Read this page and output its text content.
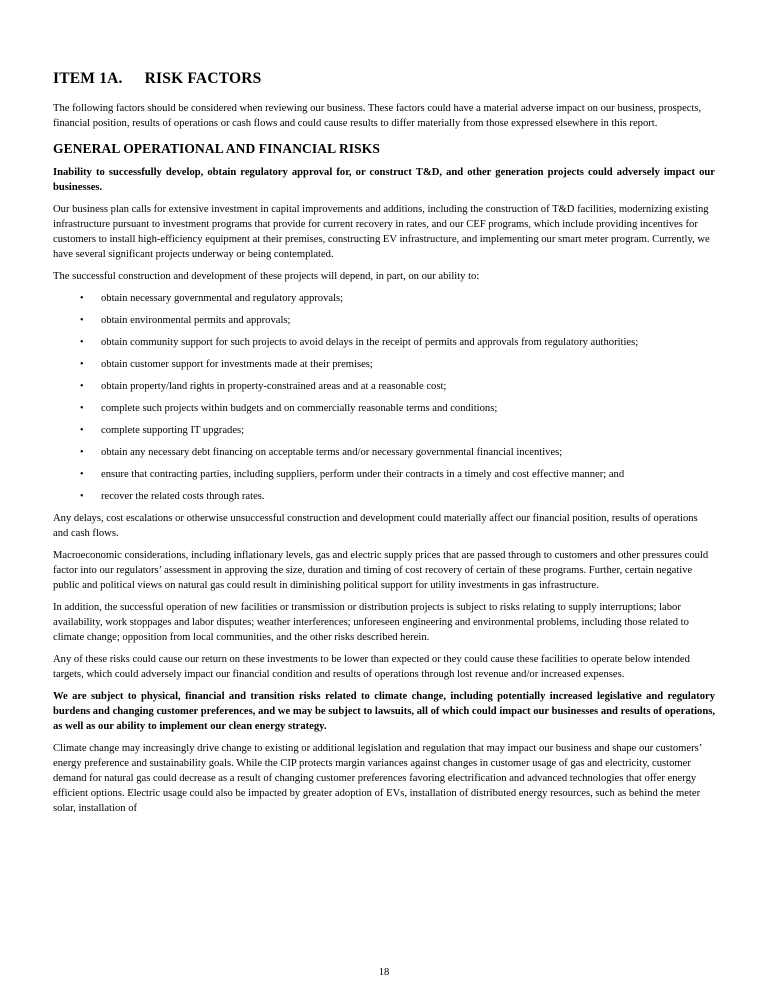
ITEM 1A. RISK FACTORS

The following factors should be considered when reviewing our business. These factors could have a material adverse impact on our business, prospects, financial position, results of operations or cash flows and could cause results to differ materially from those expressed elsewhere in this report.

GENERAL OPERATIONAL AND FINANCIAL RISKS

Inability to successfully develop, obtain regulatory approval for, or construct T&D, and other generation projects could adversely impact our businesses.

Our business plan calls for extensive investment in capital improvements and additions, including the construction of T&D facilities, modernizing existing infrastructure pursuant to investment programs that provide for current recovery in rates, and our CEF programs, which include providing incentives for customers to install high-efficiency equipment at their premises, constructing EV infrastructure, and implementing our smart meter program. Currently, we have several significant projects underway or being contemplated.

The successful construction and development of these projects will depend, in part, on our ability to:

•	obtain necessary governmental and regulatory approvals;
•	obtain environmental permits and approvals;
•	obtain community support for such projects to avoid delays in the receipt of permits and approvals from regulatory authorities;
•	obtain customer support for investments made at their premises;
•	obtain property/land rights in property-constrained areas and at a reasonable cost;
•	complete such projects within budgets and on commercially reasonable terms and conditions;
•	complete supporting IT upgrades;
•	obtain any necessary debt financing on acceptable terms and/or necessary governmental financial incentives;
•	ensure that contracting parties, including suppliers, perform under their contracts in a timely and cost effective manner; and
•	recover the related costs through rates.

Any delays, cost escalations or otherwise unsuccessful construction and development could materially affect our financial position, results of operations and cash flows.

Macroeconomic considerations, including inflationary levels, gas and electric supply prices that are passed through to customers and other pressures could factor into our regulators’ assessment in approving the size, duration and timing of cost recovery of certain of these programs. Further, certain negative public and political views on natural gas could result in diminishing political support for utility investments in gas infrastructure.

In addition, the successful operation of new facilities or transmission or distribution projects is subject to risks relating to supply interruptions; labor availability, work stoppages and labor disputes; weather interferences; unforeseen engineering and environmental problems, including those related to climate change; opposition from local communities, and the other risks described herein.

Any of these risks could cause our return on these investments to be lower than expected or they could cause these facilities to operate below intended targets, which could adversely impact our financial condition and results of operations through lost revenue and/or increased expenses.

We are subject to physical, financial and transition risks related to climate change, including potentially increased legislative and regulatory burdens and changing customer preferences, and we may be subject to lawsuits, all of which could impact our businesses and results of operations, as well as our ability to implement our clean energy strategy.

Climate change may increasingly drive change to existing or additional legislation and regulation that may impact our business and shape our customers’ energy preference and sustainability goals. While the CIP protects margin variances against changes in customer usage of gas and electricity, customer demand for natural gas could decrease as a result of changing customer preferences favoring electrification and advanced technologies that offer energy efficient options. Electric usage could also be impacted by greater adoption of EVs, installation of distributed energy resources, such as behind the meter solar, installation of

18
